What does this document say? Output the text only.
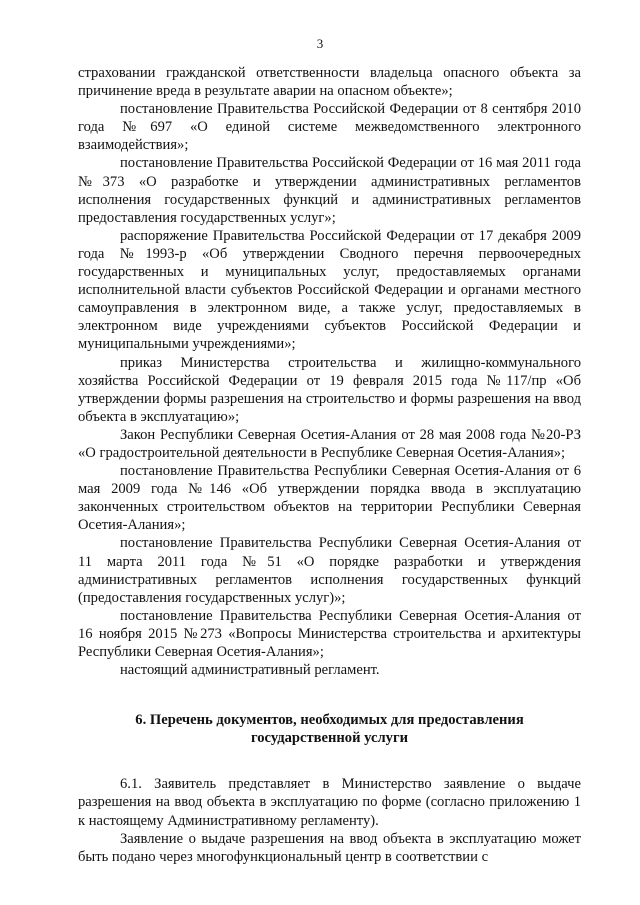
3

страховании гражданской ответственности владельца опасного объекта за причинение вреда в результате аварии на опасном объекте»;

постановление Правительства Российской Федерации от 8 сентября 2010 года №697 «О единой системе межведомственного электронного взаимодействия»;

постановление Правительства Российской Федерации от 16 мая 2011 года №373 «О разработке и утверждении административных регламентов исполнения государственных функций и административных регламентов предоставления государственных услуг»;

распоряжение Правительства Российской Федерации от 17 декабря 2009 года №1993-р «Об утверждении Сводного перечня первоочередных государственных и муниципальных услуг, предоставляемых органами исполнительной власти субъектов Российской Федерации и органами местного самоуправления в электронном виде, а также услуг, предоставляемых в электронном виде учреждениями субъектов Российской Федерации и муниципальными учреждениями»;

приказ Министерства строительства и жилищно-коммунального хозяйства Российской Федерации от 19 февраля 2015 года №117/пр «Об утверждении формы разрешения на строительство и формы разрешения на ввод объекта в эксплуатацию»;

Закон Республики Северная Осетия-Алания от 28 мая 2008 года №20-РЗ «О градостроительной деятельности в Республике Северная Осетия-Алания»;

постановление Правительства Республики Северная Осетия-Алания от 6 мая 2009 года №146 «Об утверждении порядка ввода в эксплуатацию законченных строительством объектов на территории Республики Северная Осетия-Алания»;

постановление Правительства Республики Северная Осетия-Алания от 11 марта 2011 года №51 «О порядке разработки и утверждения административных регламентов исполнения государственных функций (предоставления государственных услуг)»;

постановление Правительства Республики Северная Осетия-Алания от 16 ноября 2015 №273 «Вопросы Министерства строительства и архитектуры Республики Северная Осетия-Алания»;

настоящий административный регламент.

6. Перечень документов, необходимых для предоставления государственной услуги

6.1. Заявитель представляет в Министерство заявление о выдаче разрешения на ввод объекта в эксплуатацию по форме (согласно приложению 1 к настоящему Административному регламенту).

Заявление о выдаче разрешения на ввод объекта в эксплуатацию может быть подано через многофункциональный центр в соответствии с
